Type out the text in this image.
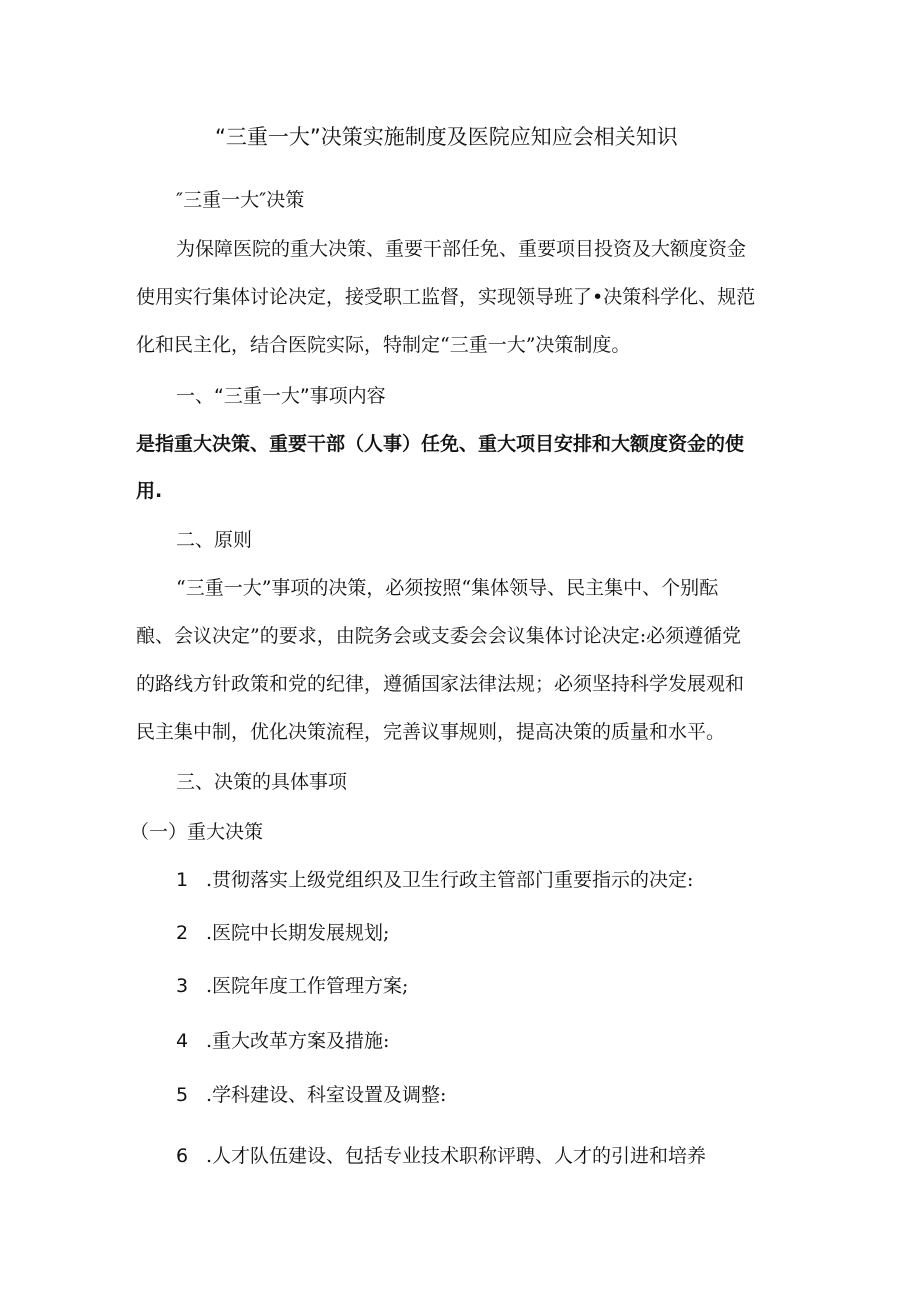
“三重一大”决策实施制度及医院应知应会相关知识
″三重一大″决策
为保障医院的重大决策、重要干部任免、重要项目投资及大额度资金
使用实行集体讨论决定，接受职工监督，实现领导班了•决策科学化、规范
化和民主化，结合医院实际，特制定“三重一大”决策制度。
一、“三重一大”事项内容
是指重大决策、重要干部（人事）任免、重大项目安排和大额度资金的使
用.
二、原则
“三重一大”事项的决策，必须按照“集体领导、民主集中、个别酝
酿、会议决定”的要求，由院务会或支委会会议集体讨论决定:必须遵循党
的路线方针政策和党的纪律，遵循国家法律法规；必须坚持科学发展观和
民主集中制，优化决策流程，完善议事规则，提高决策的质量和水平。
三、决策的具体事项
（一）重大决策
1 .贯彻落实上级党组织及卫生行政主管部门重要指示的决定:
2 .医院中长期发展规划;
3 .医院年度工作管理方案;
4 .重大改革方案及措施:
5 .学科建设、科室设置及调整:
6 .人才队伍建设、包括专业技术职称评聘、人才的引进和培养
